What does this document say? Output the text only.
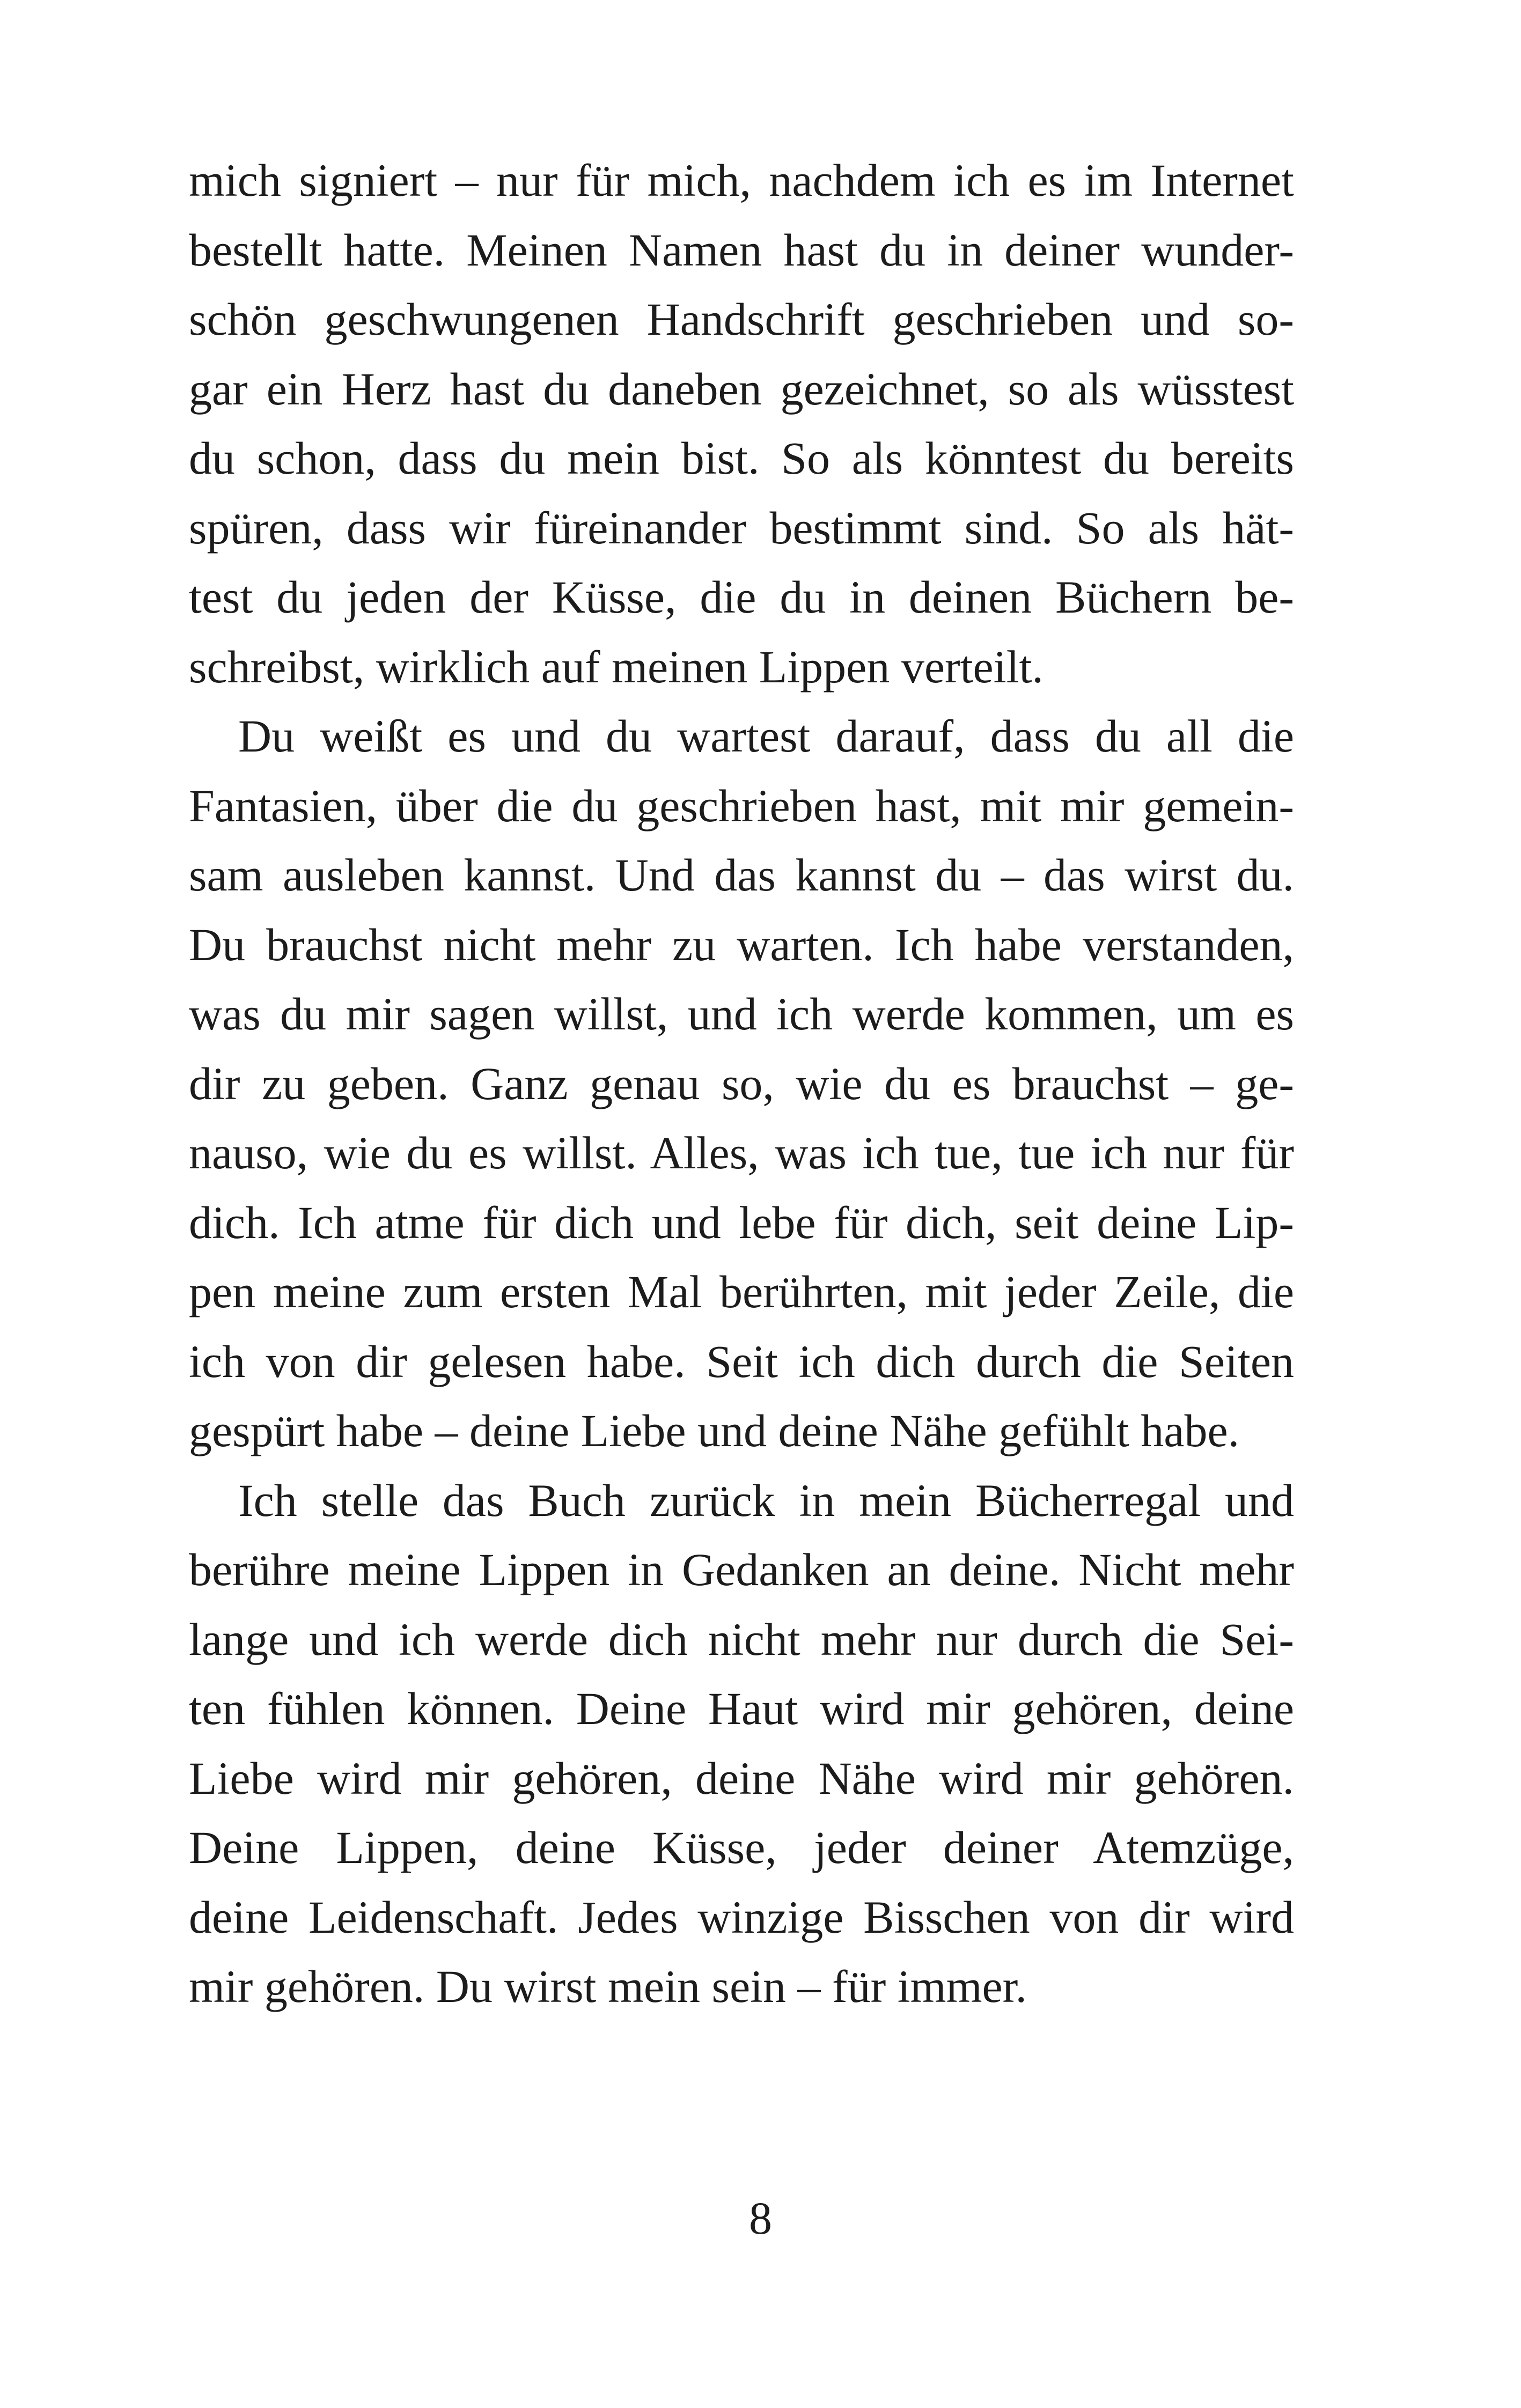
mich signiert – nur für mich, nachdem ich es im Internet
bestellt hatte. Meinen Namen hast du in deiner wunder-
schön geschwungenen Handschrift geschrieben und so-
gar ein Herz hast du daneben gezeichnet, so als wüsstest
du schon, dass du mein bist. So als könntest du bereits
spüren, dass wir füreinander bestimmt sind. So als hät-
test du jeden der Küsse, die du in deinen Büchern be-
schreibst, wirklich auf meinen Lippen verteilt.
Du weißt es und du wartest darauf, dass du all die
Fantasien, über die du geschrieben hast, mit mir gemein-
sam ausleben kannst. Und das kannst du – das wirst du.
Du brauchst nicht mehr zu warten. Ich habe verstanden,
was du mir sagen willst, und ich werde kommen, um es
dir zu geben. Ganz genau so, wie du es brauchst – ge-
nauso, wie du es willst. Alles, was ich tue, tue ich nur für
dich. Ich atme für dich und lebe für dich, seit deine Lip-
pen meine zum ersten Mal berührten, mit jeder Zeile, die
ich von dir gelesen habe. Seit ich dich durch die Seiten
gespürt habe – deine Liebe und deine Nähe gefühlt habe.
Ich stelle das Buch zurück in mein Bücherregal und
berühre meine Lippen in Gedanken an deine. Nicht mehr
lange und ich werde dich nicht mehr nur durch die Sei-
ten fühlen können. Deine Haut wird mir gehören, deine
Liebe wird mir gehören, deine Nähe wird mir gehören.
Deine Lippen, deine Küsse, jeder deiner Atemzüge,
deine Leidenschaft. Jedes winzige Bisschen von dir wird
mir gehören. Du wirst mein sein – für immer.
8
